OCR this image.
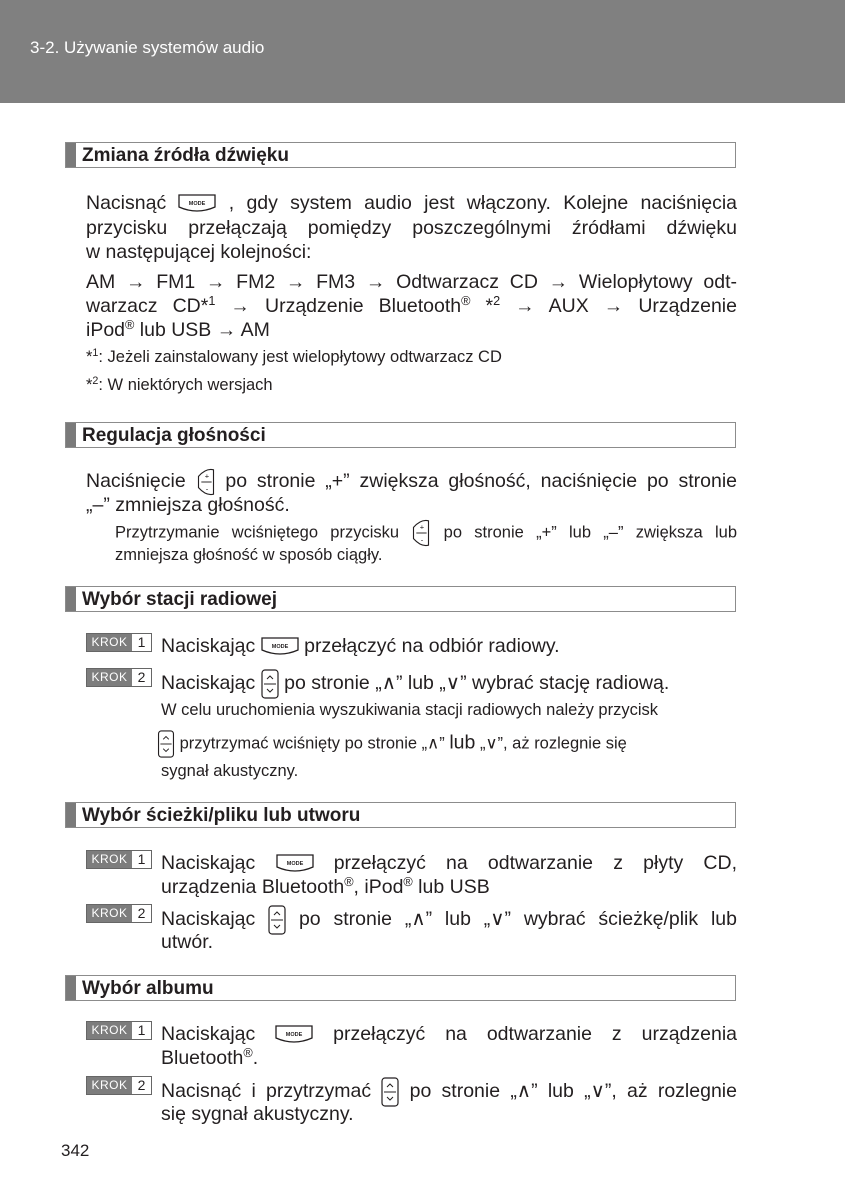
3-2. Używanie systemów audio
Zmiana źródła dźwięku
Nacisnąć	, gdy system audio jest włączony. Kolejne naciśnięcia
przycisku przełączają pomiędzy poszczególnymi źródłami dźwięku
w następującej kolejności:
AM → FM1 → FM2 → FM3 → Odtwarzacz CD → Wielopłytowy odt-
warzacz CD*$^1$ → Urządzenie Bluetooth® *$^2$ → AUX → Urządzenie
iPod® lub USB → AM
*$^1$: Jeżeli zainstalowany jest wielopłytowy odtwarzacz CD
*$^2$: W niektórych wersjach
Regulacja głośności
Naciśnięcie po stronie „+” zwiększa głośność, naciśnięcie po stronie
„–” zmniejsza głośność.
Przytrzymanie wciśniętego przycisku	po stronie „+” lub „–” zwiększa lub
zmniejsza głośność w sposób ciągły.
Wybór stacji radiowej
KROK 1 Naciskając	przełączyć na odbiór radiowy.
KROK 2 Naciskając po stronie „∧” lub „∨” wybrać stację radiową.
W celu uruchomienia wyszukiwania stacji radiowych należy przycisk
przytrzymać wciśnięty po stronie „∧” lub „∨”, aż rozlegnie się
sygnał akustyczny.
Wybór ścieżki/pliku lub utworu
KROK 1 Naciskając	przełączyć na odtwarzanie z płyty CD,
urządzenia Bluetooth®, iPod® lub USB
KROK 2 Naciskając po stronie „∧” lub „∨” wybrać ścieżkę/plik lub
utwór.
Wybór albumu
KROK 1 Naciskając	przełączyć na odtwarzanie z urządzenia
Bluetooth®.
KROK 2 Nacisnąć i przytrzymać po stronie „∧” lub „∨”, aż rozlegnie
się sygnał akustyczny.
342
